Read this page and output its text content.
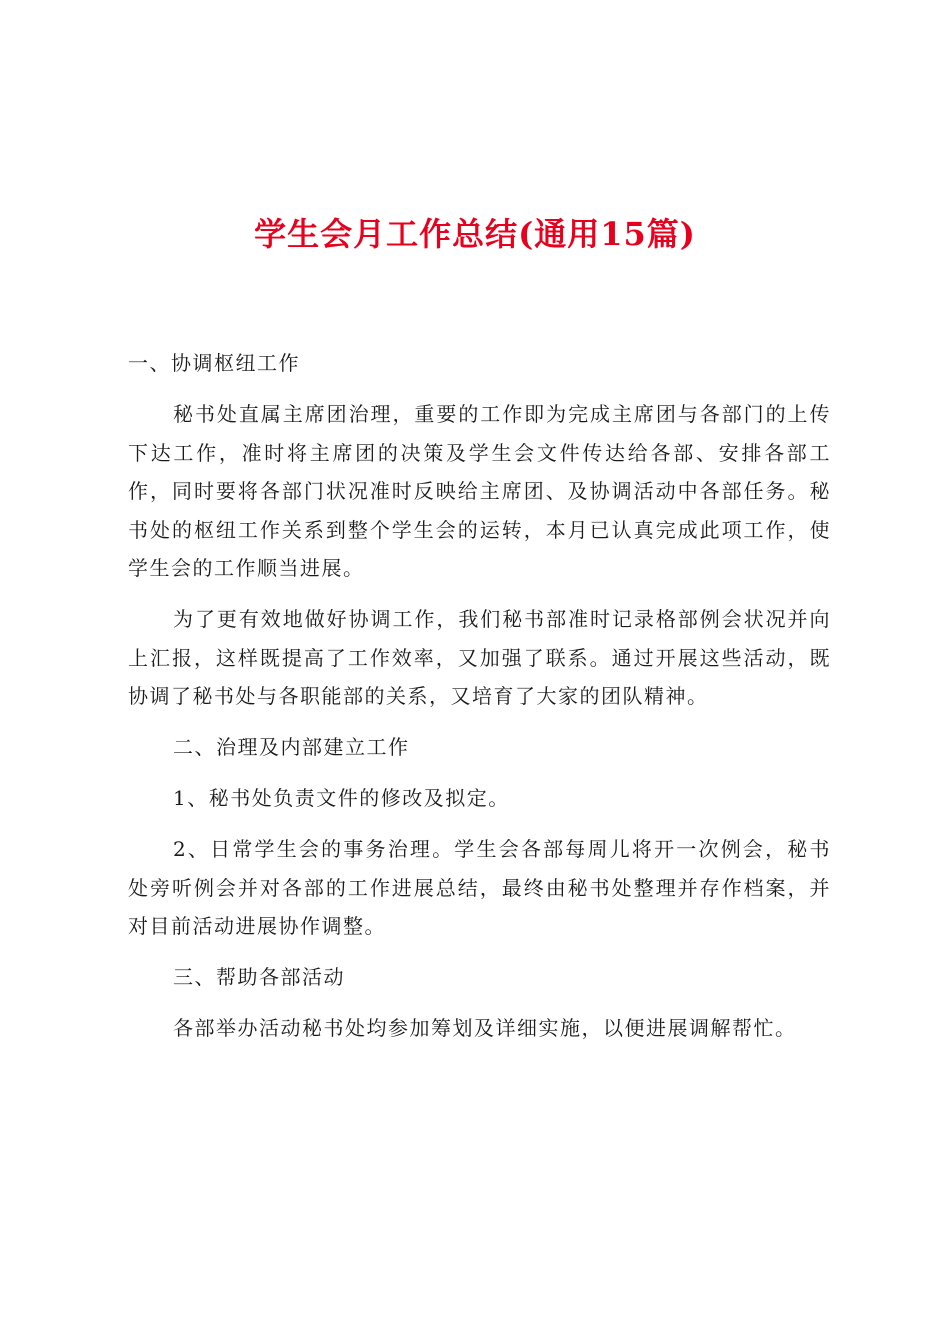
学生会月工作总结(通用15篇)

一、协调枢纽工作

秘书处直属主席团治理，重要的工作即为完成主席团与各部门的上传下达工作，准时将主席团的决策及学生会文件传达给各部、安排各部工作，同时要将各部门状况准时反映给主席团、及协调活动中各部任务。秘书处的枢纽工作关系到整个学生会的运转，本月已认真完成此项工作，使学生会的工作顺当进展。

为了更有效地做好协调工作，我们秘书部准时记录格部例会状况并向上汇报，这样既提高了工作效率，又加强了联系。通过开展这些活动，既协调了秘书处与各职能部的关系，又培育了大家的团队精神。

二、治理及内部建立工作

1、秘书处负责文件的修改及拟定。

2、日常学生会的事务治理。学生会各部每周儿将开一次例会，秘书处旁听例会并对各部的工作进展总结，最终由秘书处整理并存作档案，并对目前活动进展协作调整。

三、帮助各部活动

各部举办活动秘书处均参加筹划及详细实施，以便进展调解帮忙。
